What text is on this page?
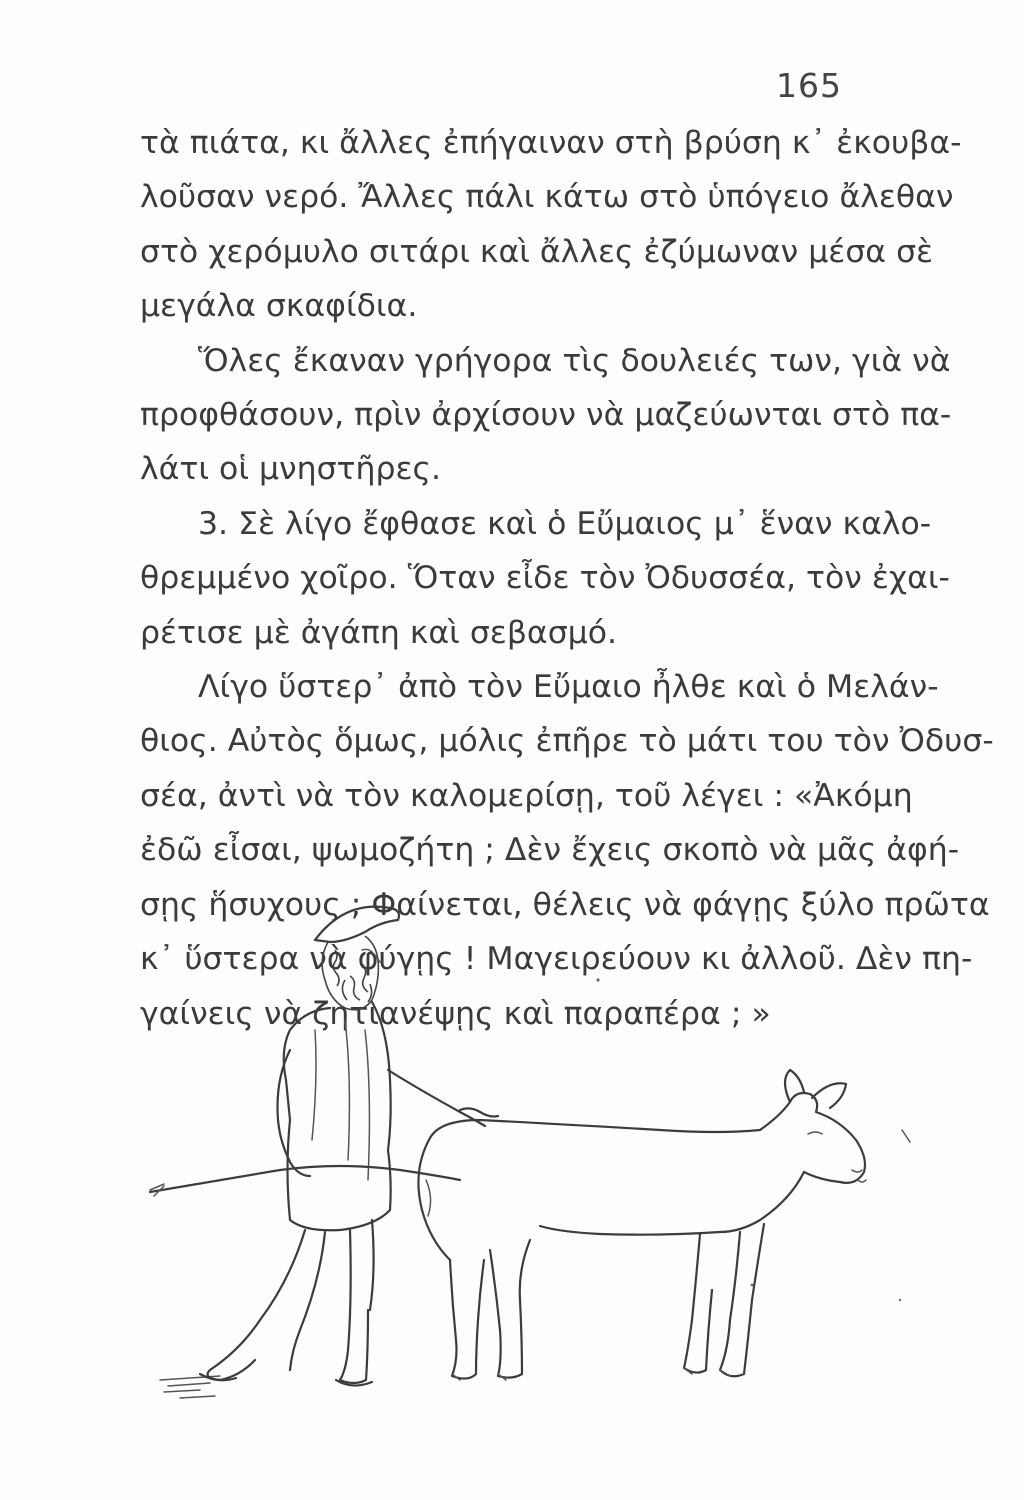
165
τὰ πιάτα, κι ἄλλες ἐπήγαιναν στὴ βρύση κ᾽ ἐκουβα-
λοῦσαν νερό. Ἄλλες πάλι κάτω στὸ ὑπόγειο ἄλεθαν
στὸ χερόμυλο σιτάρι καὶ ἄλλες ἐζύμωναν μέσα σὲ
μεγάλα σκαφίδια.
Ὅλες ἔκαναν γρήγορα τὶς δουλειές των, γιὰ νὰ
προφθάσουν, πρὶν ἀρχίσουν νὰ μαζεύωνται στὸ πα-
λάτι οἱ μνηστῆρες.
3. Σὲ λίγο ἔφθασε καὶ ὁ Εὔμαιος μ᾽ ἕναν καλο-
θρεμμένο χοῖρο. Ὅταν εἶδε τὸν Ὀδυσσέα, τὸν ἐχαι-
ρέτισε μὲ ἀγάπη καὶ σεβασμό.
Λίγο ὕστερ᾽ ἀπὸ τὸν Εὔμαιο ἦλθε καὶ ὁ Μελάν-
θιος. Αὐτὸς ὅμως, μόλις ἐπῆρε τὸ μάτι του τὸν Ὀδυσ-
σέα, ἀντὶ νὰ τὸν καλομερίσῃ, τοῦ λέγει : «Ἀκόμη
ἐδῶ εἶσαι, ψωμοζήτη ; Δὲν ἔχεις σκοπὸ νὰ μᾶς ἀφή-
σῃς ἥσυχους ; Φαίνεται, θέλεις νὰ φάγῃς ξύλο πρῶτα
κ᾽ ὕστερα νὰ φύγῃς ! Μαγειρεύουν κι ἀλλοῦ. Δὲν πη-
γαίνεις νὰ ζητιανέψῃς καὶ παραπέρα ; »
